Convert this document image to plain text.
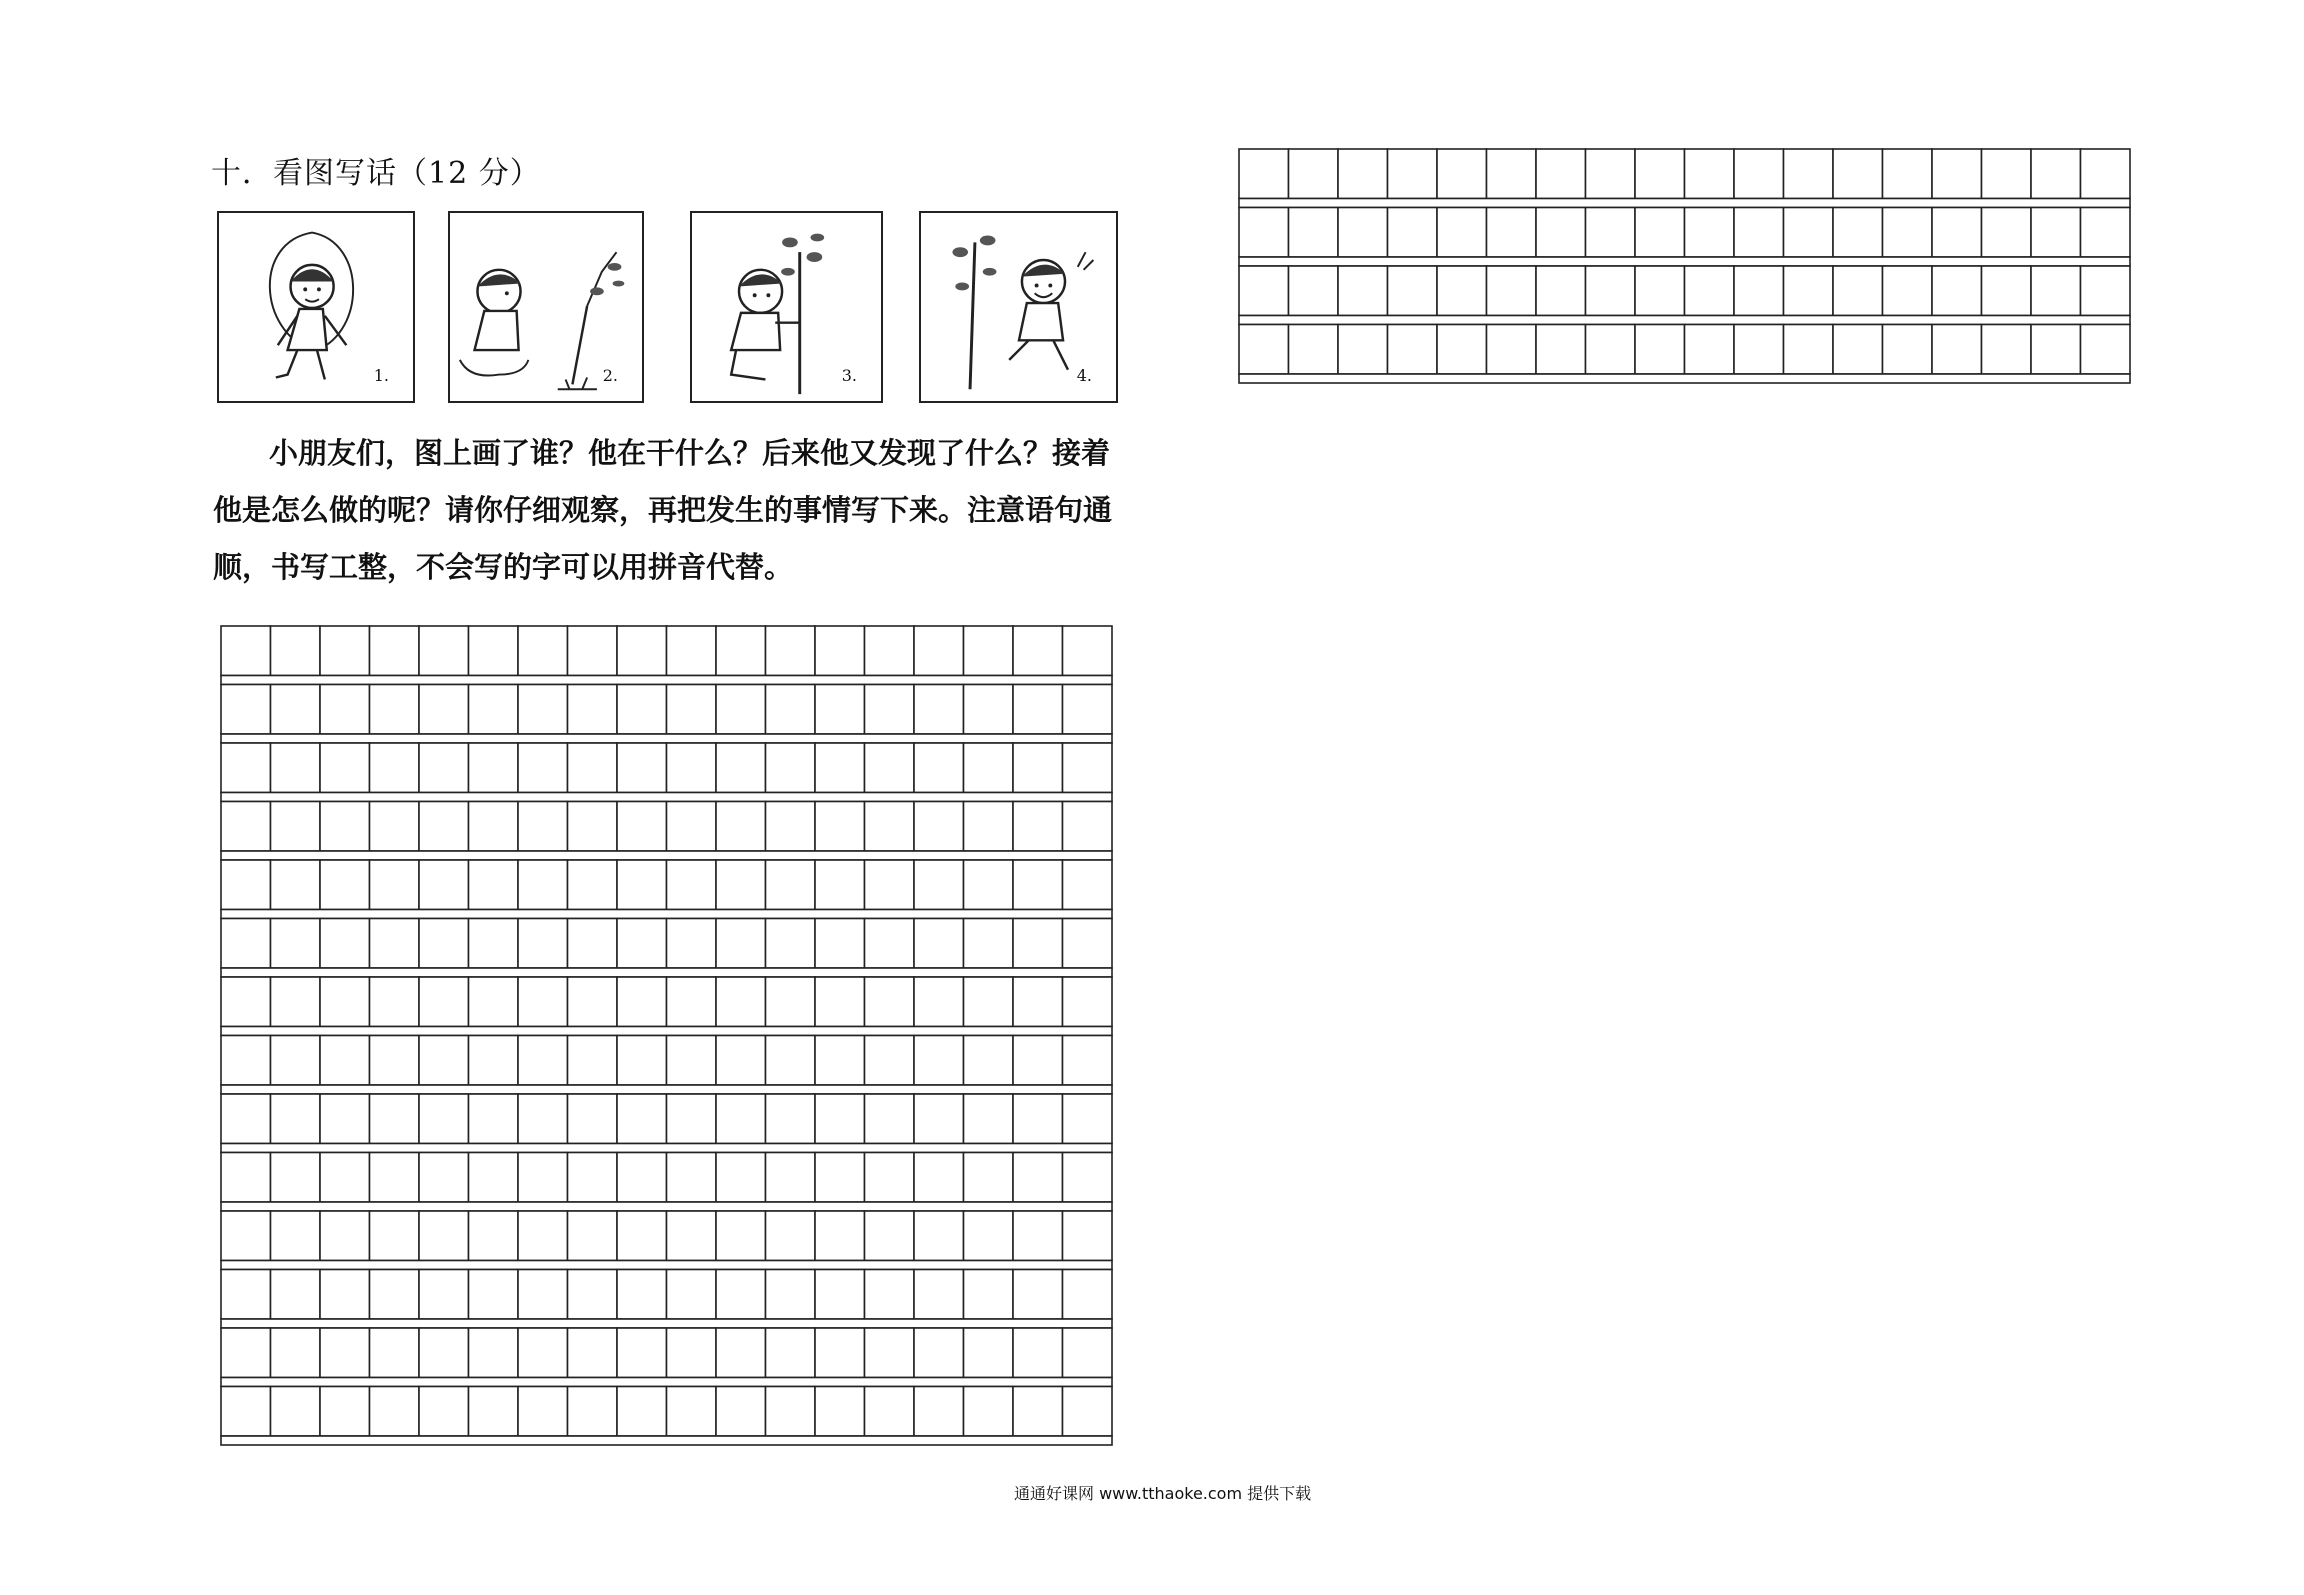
十．看图写话（12 分）
1.	2.	3.	4.
小朋友们，图上画了谁？他在干什么？后来他又发现了什么？接着
他是怎么做的呢？请你仔细观察，再把发生的事情写下来。注意语句通
顺，书写工整，不会写的字可以用拼音代替。
通通好课网 www.tthaoke.com 提供下载
